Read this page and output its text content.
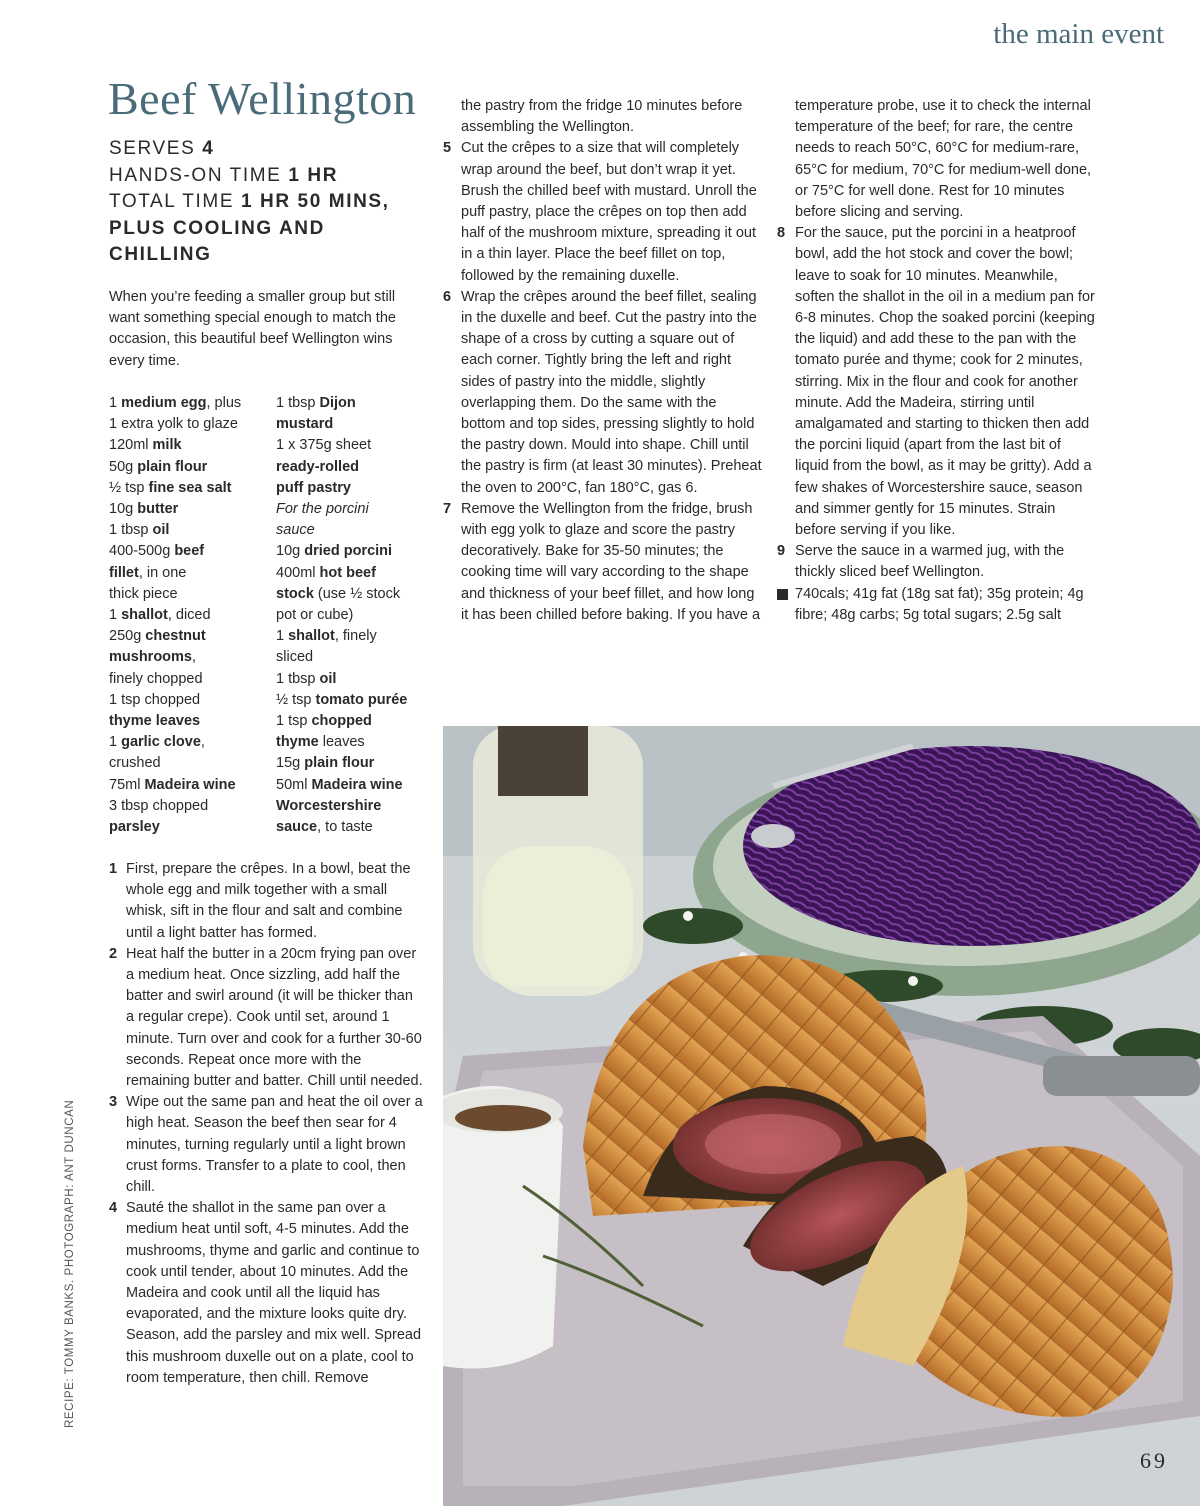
the main event
Beef Wellington
SERVES 4
HANDS-ON TIME 1 HR
TOTAL TIME 1 HR 50 MINS,
PLUS COOLING AND
CHILLING

When you’re feeding a smaller group but still want something special enough to match the occasion, this beautiful beef Wellington wins every time.

1 medium egg, plus
1 extra yolk to glaze
120ml milk
50g plain flour
½ tsp fine sea salt
10g butter
1 tbsp oil
400-500g beef
fillet, in one
thick piece
1 shallot, diced
250g chestnut
mushrooms,
finely chopped
1 tsp chopped
thyme leaves
1 garlic clove,
crushed
75ml Madeira wine
3 tbsp chopped
parsley
1 tbsp Dijon
mustard
1 x 375g sheet
ready-rolled
puff pastry
For the porcini
sauce
10g dried porcini
400ml hot beef
stock (use ½ stock
pot or cube)
1 shallot, finely
sliced
1 tbsp oil
½ tsp tomato purée
1 tsp chopped
thyme leaves
15g plain flour
50ml Madeira wine
Worcestershire
sauce, to taste
1 First, prepare the crêpes. In a bowl, beat the whole egg and milk together with a small whisk, sift in the flour and salt and combine until a light batter has formed.
2 Heat half the butter in a 20cm frying pan over a medium heat. Once sizzling, add half the batter and swirl around (it will be thicker than a regular crepe). Cook until set, around 1 minute. Turn over and cook for a further 30-60 seconds. Repeat once more with the remaining butter and batter. Chill until needed.
3 Wipe out the same pan and heat the oil over a high heat. Season the beef then sear for 4 minutes, turning regularly until a light brown crust forms. Transfer to a plate to cool, then chill.
4 Sauté the shallot in the same pan over a medium heat until soft, 4-5 minutes. Add the mushrooms, thyme and garlic and continue to cook until tender, about 10 minutes. Add the Madeira and cook until all the liquid has evaporated, and the mixture looks quite dry. Season, add the parsley and mix well. Spread this mushroom duxelle out on a plate, cool to room temperature, then chill. Remove
the pastry from the fridge 10 minutes before assembling the Wellington.
5 Cut the crêpes to a size that will completely wrap around the beef, but don’t wrap it yet. Brush the chilled beef with mustard. Unroll the puff pastry, place the crêpes on top then add half of the mushroom mixture, spreading it out in a thin layer. Place the beef fillet on top, followed by the remaining duxelle.
6 Wrap the crêpes around the beef fillet, sealing in the duxelle and beef. Cut the pastry into the shape of a cross by cutting a square out of each corner. Tightly bring the left and right sides of pastry into the middle, slightly overlapping them. Do the same with the bottom and top sides, pressing slightly to hold the pastry down. Mould into shape. Chill until the pastry is firm (at least 30 minutes). Preheat the oven to 200°C, fan 180°C, gas 6.
7 Remove the Wellington from the fridge, brush with egg yolk to glaze and score the pastry decoratively. Bake for 35-50 minutes; the cooking time will vary according to the shape and thickness of your beef fillet, and how long it has been chilled before baking. If you have a
temperature probe, use it to check the internal temperature of the beef; for rare, the centre needs to reach 50°C, 60°C for medium-rare, 65°C for medium, 70°C for medium-well done, or 75°C for well done. Rest for 10 minutes before slicing and serving.
8 For the sauce, put the porcini in a heatproof bowl, add the hot stock and cover the bowl; leave to soak for 10 minutes. Meanwhile, soften the shallot in the oil in a medium pan for 6-8 minutes. Chop the soaked porcini (keeping the liquid) and add these to the pan with the tomato purée and thyme; cook for 2 minutes, stirring. Mix in the flour and cook for another minute. Add the Madeira, stirring until amalgamated and starting to thicken then add the porcini liquid (apart from the last bit of liquid from the bowl, as it may be gritty). Add a few shakes of Worcestershire sauce, season and simmer gently for 15 minutes. Strain before serving if you like.
9 Serve the sauce in a warmed jug, with the thickly sliced beef Wellington.
740cals; 41g fat (18g sat fat); 35g protein; 4g fibre; 48g carbs; 5g total sugars; 2.5g salt
RECIPE: TOMMY BANKS. PHOTOGRAPH: ANT DUNCAN
69
